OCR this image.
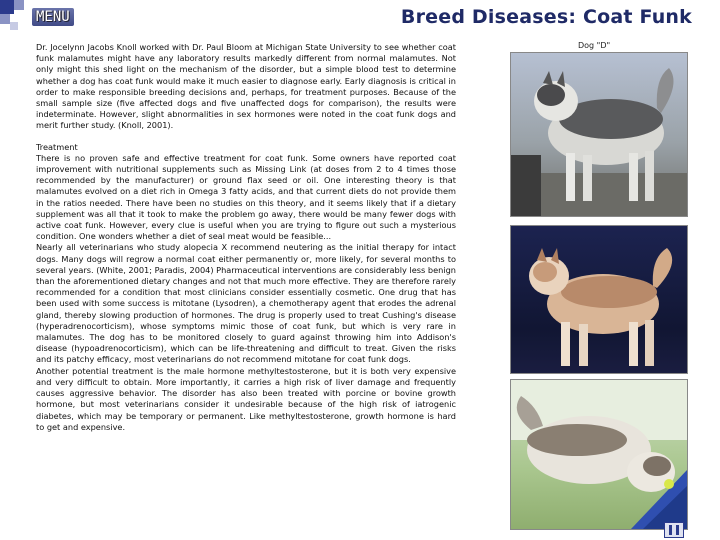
MENU	Breed Diseases: Coat Funk

Dr. Jocelynn Jacobs Knoll worked with Dr. Paul Bloom at Michigan State University to see whether coat funk malamutes might have any laboratory results markedly different from normal malamutes. Not only might this shed light on the mechanism of the disorder, but a simple blood test to determine whether a dog has coat funk would make it much easier to diagnose early. Early diagnosis is critical in order to make responsible breeding decisions and, perhaps, for treatment purposes. Because of the small sample size (five affected dogs and five unaffected dogs for comparison), the results were indeterminate. However, slight abnormalities in sex hormones were noted in the coat funk dogs and merit further study. (Knoll, 2001).

Treatment

There is no proven safe and effective treatment for coat funk. Some owners have reported coat improvement with nutritional supplements such as Missing Link (at doses from 2 to 4 times those recommended by the manufacturer) or ground flax seed or oil. One interesting theory is that malamutes evolved on a diet rich in Omega 3 fatty acids, and that current diets do not provide them in the ratios needed. There have been no studies on this theory, and it seems likely that if a dietary supplement was all that it took to make the problem go away, there would be many fewer dogs with active coat funk. However, every clue is useful when you are trying to figure out such a mysterious condition. One wonders whether a diet of seal meat would be feasible...

Nearly all veterinarians who study alopecia X recommend neutering as the initial therapy for intact dogs. Many dogs will regrow a normal coat either permanently or, more likely, for several months to several years. (White, 2001; Paradis, 2004) Pharmaceutical interventions are considerably less benign than the aforementioned dietary changes and not that much more effective. They are therefore rarely recommended for a condition that most clinicians consider essentially cosmetic. One drug that has been used with some success is mitotane (Lysodren), a chemotherapy agent that erodes the adrenal gland, thereby slowing production of hormones. The drug is properly used to treat Cushing's disease (hyperadrenocorticism), whose symptoms mimic those of coat funk, but which is very rare in malamutes. The dog has to be monitored closely to guard against throwing him into Addison's disease (hypoadrenocorticism), which can be life-threatening and difficult to treat. Given the risks and its patchy efficacy, most veterinarians do not recommend mitotane for coat funk dogs.

Another potential treatment is the male hormone methyltestosterone, but it is both very expensive and very difficult to obtain. More importantly, it carries a high risk of liver damage and frequently causes aggressive behavior. The disorder has also been treated with porcine or bovine growth hormone, but most veterinarians consider it undesirable because of the high risk of iatrogenic diabetes, which may be temporary or permanent. Like methyltestosterone, growth hormone is hard to get and expensive.

Dog "D"
